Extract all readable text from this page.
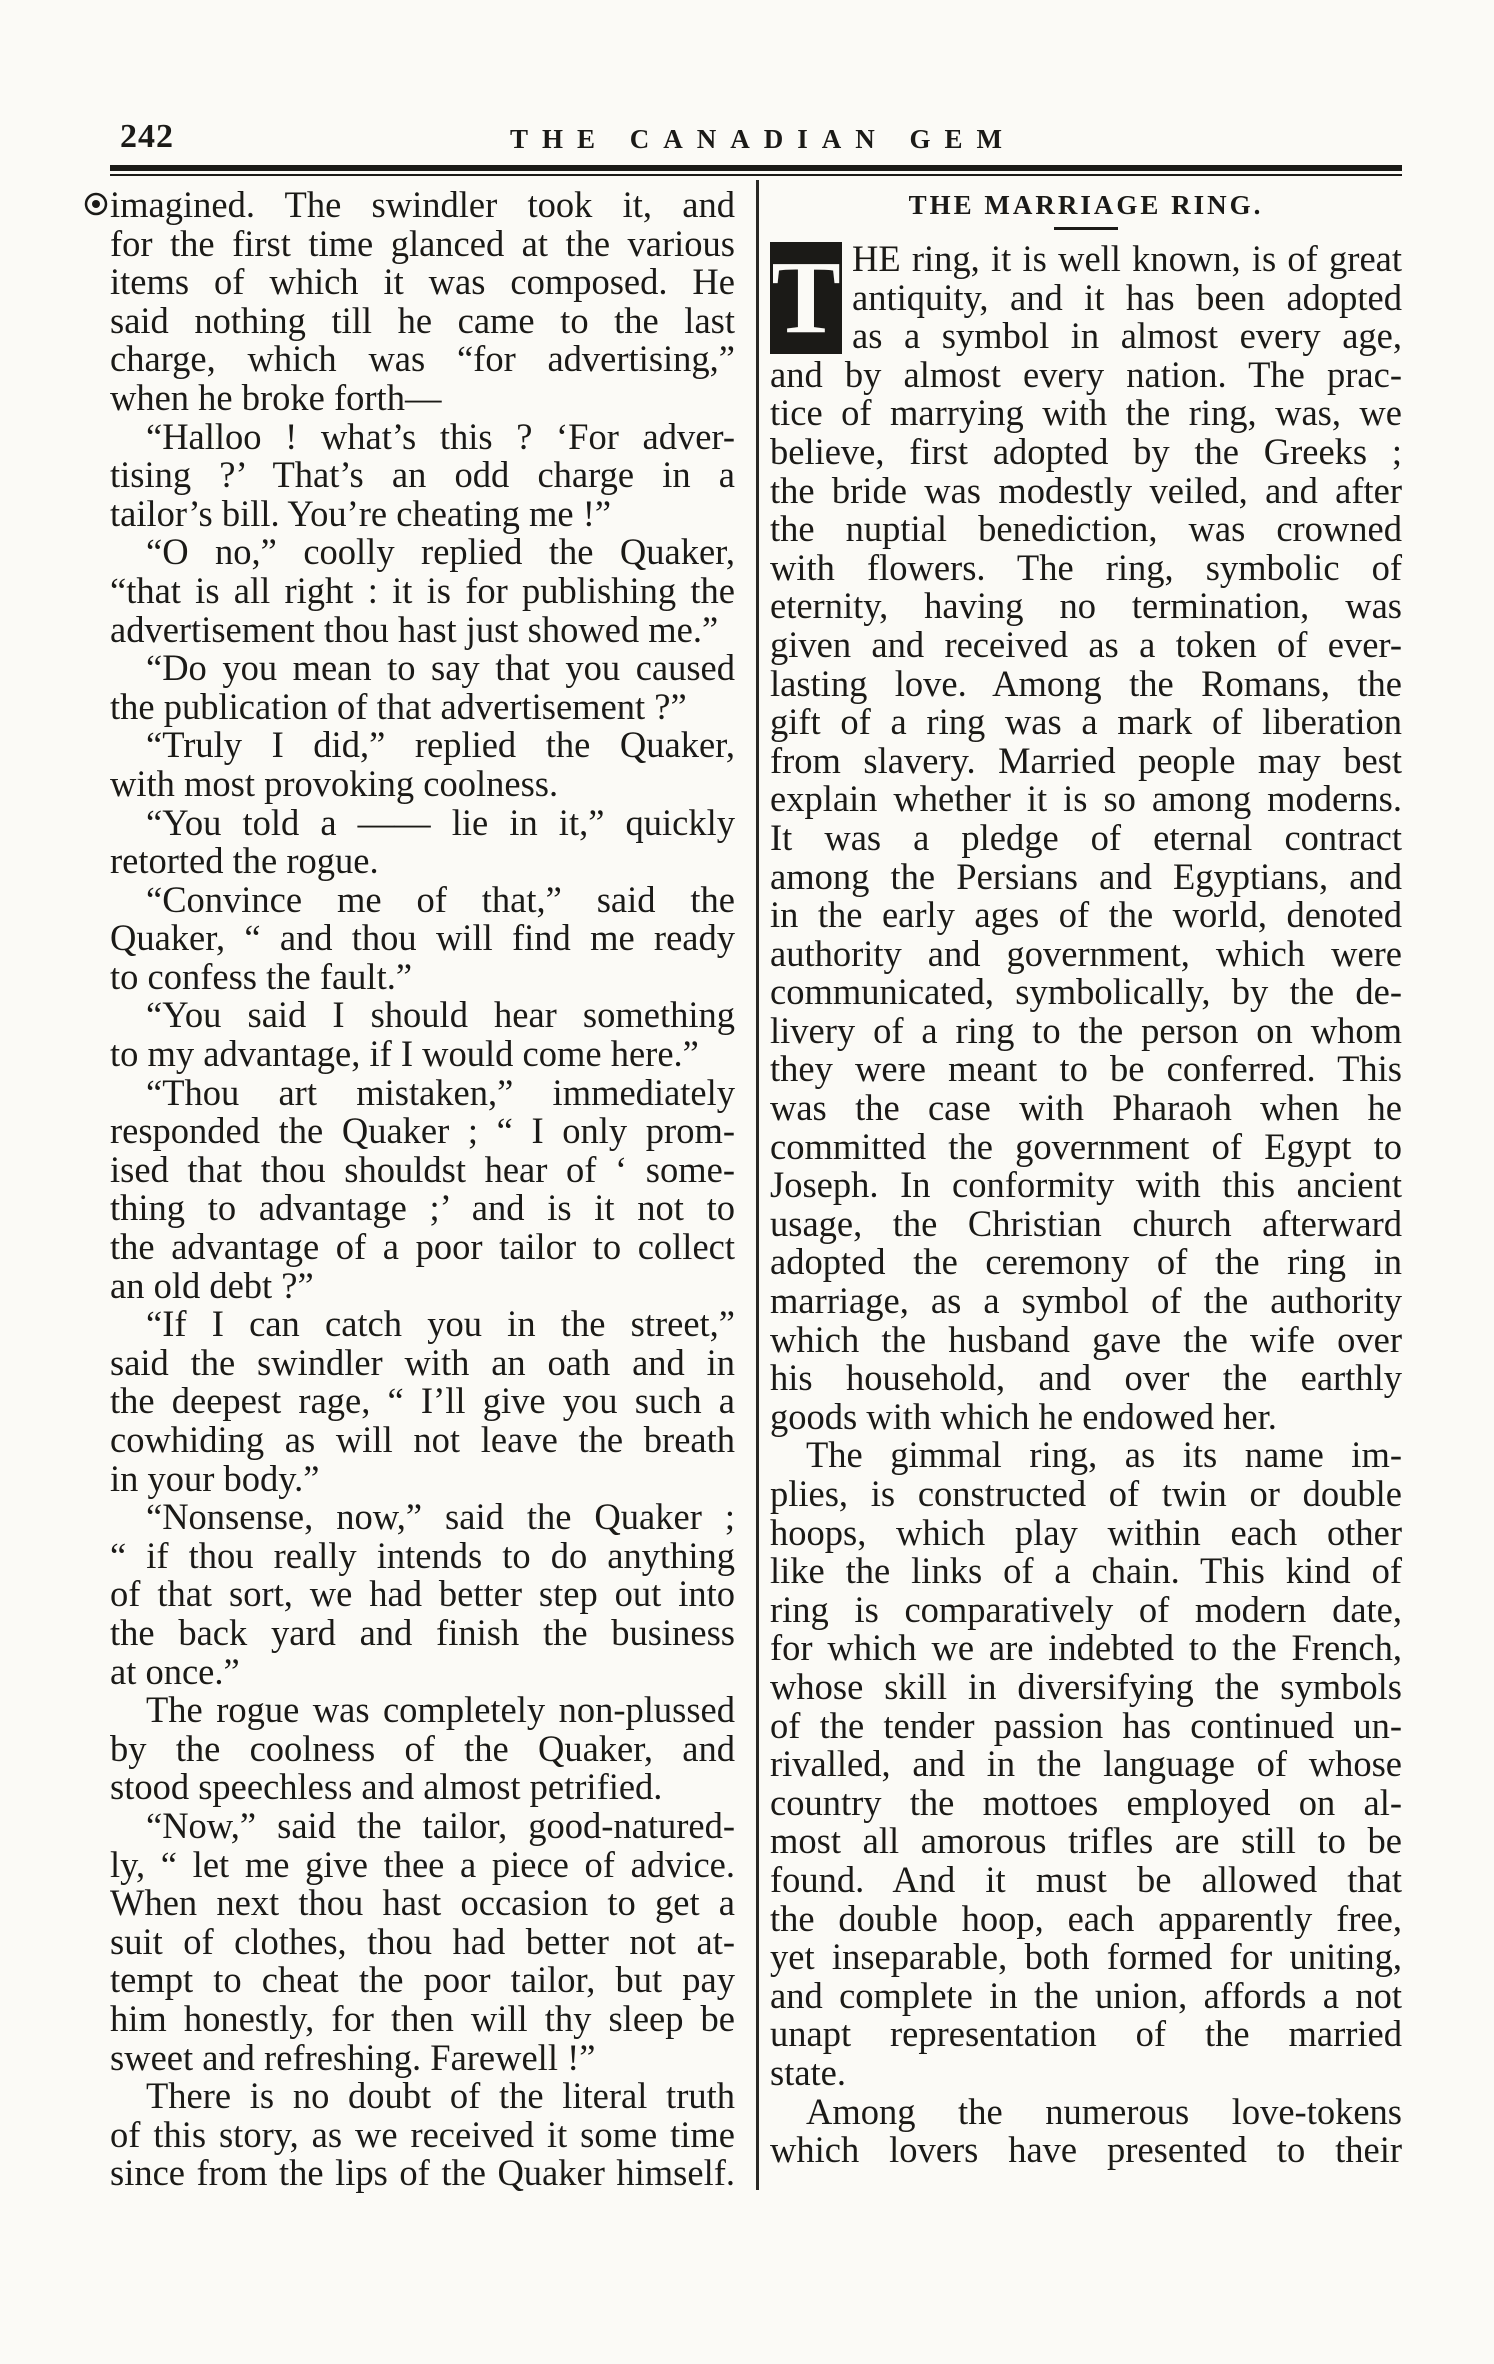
242	THE CANADIAN GEM
imagined. The swindler took it, and
for the first time glanced at the various
items of which it was composed. He
said nothing till he came to the last
charge, which was “for advertising,”
when he broke forth—
“Halloo ! what’s this ? ‘For adver-
tising ?’ That’s an odd charge in a
tailor’s bill. You’re cheating me !”
“O no,” coolly replied the Quaker,
“that is all right : it is for publishing the
advertisement thou hast just showed me.”
“Do you mean to say that you caused
the publication of that advertisement ?”
“Truly I did,” replied the Quaker,
with most provoking coolness.
“You told a —— lie in it,” quickly
retorted the rogue.
“Convince me of that,” said the
Quaker, “ and thou will find me ready
to confess the fault.”
“You said I should hear something
to my advantage, if I would come here.”
“Thou art mistaken,” immediately
responded the Quaker ; “ I only prom-
ised that thou shouldst hear of ‘ some-
thing to advantage ;’ and is it not to
the advantage of a poor tailor to collect
an old debt ?”
“If I can catch you in the street,”
said the swindler with an oath and in
the deepest rage, “ I’ll give you such a
cowhiding as will not leave the breath
in your body.”
“Nonsense, now,” said the Quaker ;
“ if thou really intends to do anything
of that sort, we had better step out into
the back yard and finish the business
at once.”
The rogue was completely non-plussed
by the coolness of the Quaker, and
stood speechless and almost petrified.
“Now,” said the tailor, good-natured-
ly, “ let me give thee a piece of advice.
When next thou hast occasion to get a
suit of clothes, thou had better not at-
tempt to cheat the poor tailor, but pay
him honestly, for then will thy sleep be
sweet and refreshing. Farewell !”
There is no doubt of the literal truth
of this story, as we received it some time
since from the lips of the Quaker himself.
THE MARRIAGE RING.
T HE ring, it is well known, is of great
antiquity, and it has been adopted
as a symbol in almost every age,
and by almost every nation. The prac-
tice of marrying with the ring, was, we
believe, first adopted by the Greeks ;
the bride was modestly veiled, and after
the nuptial benediction, was crowned
with flowers. The ring, symbolic of
eternity, having no termination, was
given and received as a token of ever-
lasting love. Among the Romans, the
gift of a ring was a mark of liberation
from slavery. Married people may best
explain whether it is so among moderns.
It was a pledge of eternal contract
among the Persians and Egyptians, and
in the early ages of the world, denoted
authority and government, which were
communicated, symbolically, by the de-
livery of a ring to the person on whom
they were meant to be conferred. This
was the case with Pharaoh when he
committed the government of Egypt to
Joseph. In conformity with this ancient
usage, the Christian church afterward
adopted the ceremony of the ring in
marriage, as a symbol of the authority
which the husband gave the wife over
his household, and over the earthly
goods with which he endowed her.
The gimmal ring, as its name im-
plies, is constructed of twin or double
hoops, which play within each other
like the links of a chain. This kind of
ring is comparatively of modern date,
for which we are indebted to the French,
whose skill in diversifying the symbols
of the tender passion has continued un-
rivalled, and in the language of whose
country the mottoes employed on al-
most all amorous trifles are still to be
found. And it must be allowed that
the double hoop, each apparently free,
yet inseparable, both formed for uniting,
and complete in the union, affords a not
unapt representation of the married
state.
Among the numerous love-tokens
which lovers have presented to their
